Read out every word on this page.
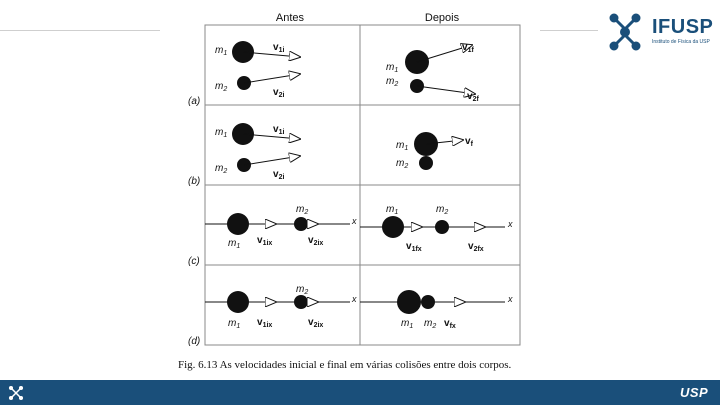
IFUSP
Instituto de Física da USP
Antes	Depois
(a)
(b)
(c)
(d)
$m_1$
$m_2$
$v_{1i}$
$v_{2i}$
$m_1$
$m_2$
$v_{1f}$
$v_{2f}$
$m_1$
$m_2$
$v_{1i}$
$v_{2i}$
$m_1$
$m_2$
$v_f$
x
$m_1$
$m_2$
$v_{1ix}$	$v_{2ix}$
x
$m_1$	$m_2$
$v_{1fx}$	$v_{2fx}$
x
$m_1$
$m_2$
$v_{1ix}$	$v_{2ix}$
x
$m_1$ $m_2$ $v_{fx}$
Fig. 6.13 As velocidades inicial e final em várias colisões entre dois corpos.
USP
